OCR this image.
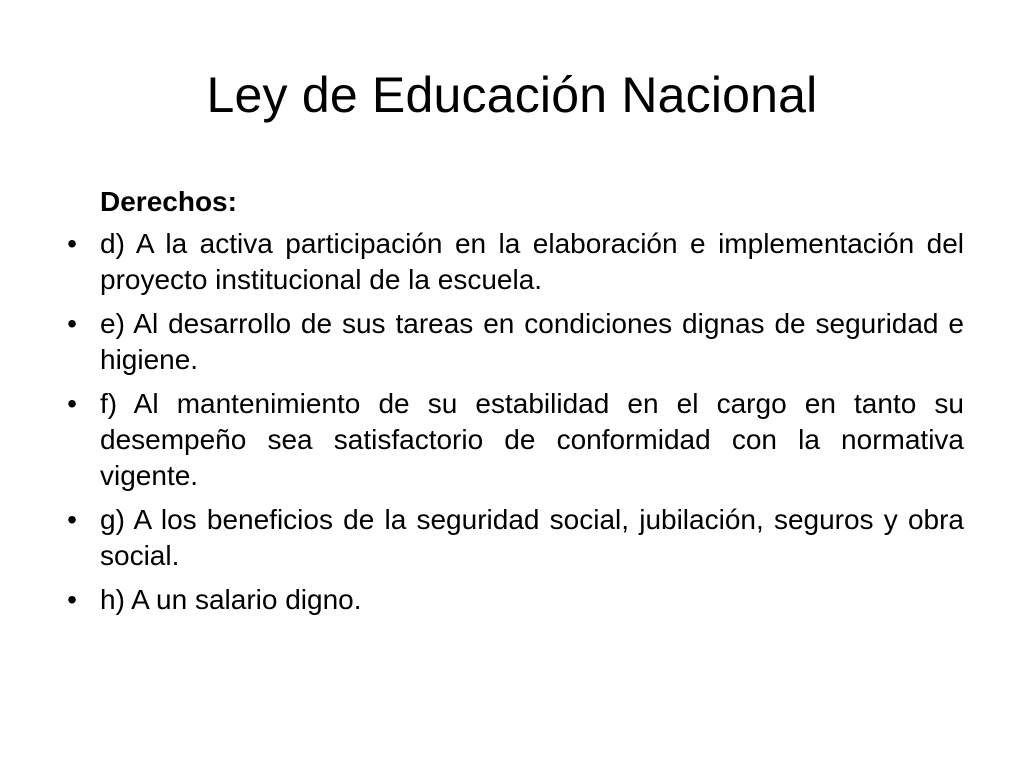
Ley de Educación Nacional
Derechos:
• d) A la activa participación en la elaboración e implementación del proyecto institucional de la escuela.
• e) Al desarrollo de sus tareas en condiciones dignas de seguridad e higiene.
• f) Al mantenimiento de su estabilidad en el cargo en tanto su desempeño sea satisfactorio de conformidad con la normativa vigente.
• g) A los beneficios de la seguridad social, jubilación, seguros y obra social.
• h) A un salario digno.
